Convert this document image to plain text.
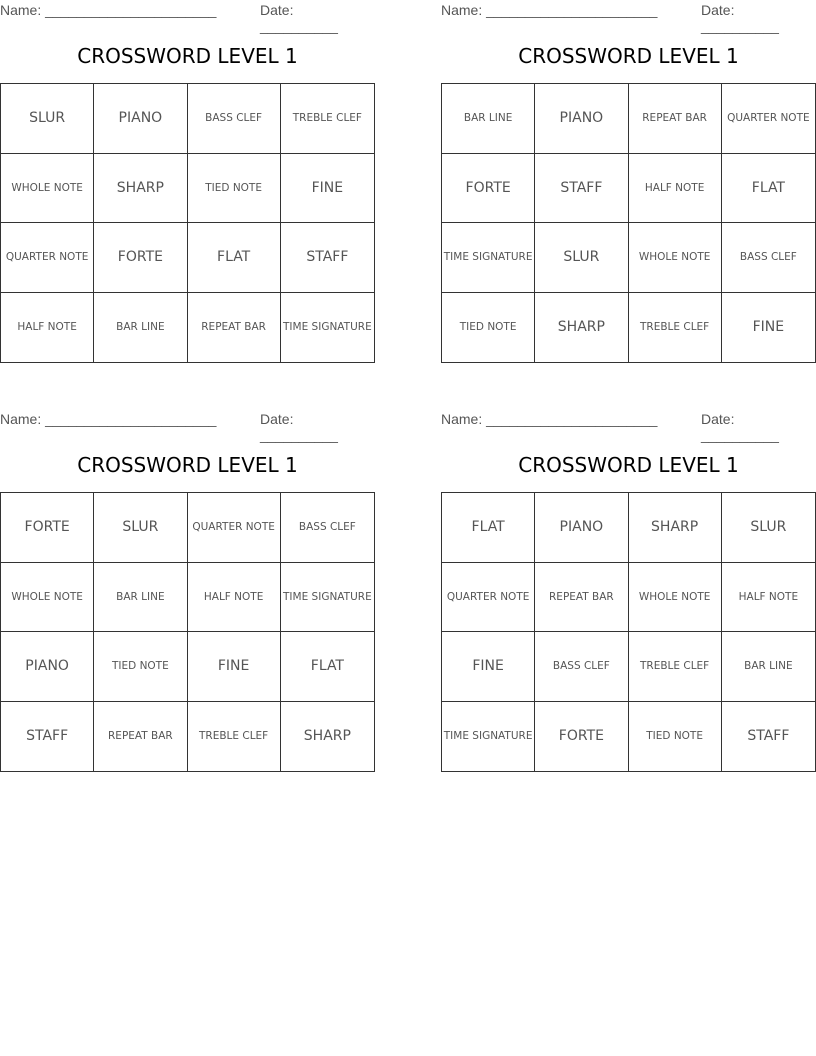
Name: ______________________	Date: __________
CROSSWORD LEVEL 1
SLUR	PIANO	BASS CLEF	TREBLE CLEF
WHOLE NOTE	SHARP	TIED NOTE	FINE
QUARTER NOTE	FORTE	FLAT	STAFF
HALF NOTE	BAR LINE	REPEAT BAR	TIME SIGNATURE
Name: ______________________	Date: __________
CROSSWORD LEVEL 1
BAR LINE	PIANO	REPEAT BAR	QUARTER NOTE
FORTE	STAFF	HALF NOTE	FLAT
TIME SIGNATURE	SLUR	WHOLE NOTE	BASS CLEF
TIED NOTE	SHARP	TREBLE CLEF	FINE
Name: ______________________	Date: __________
CROSSWORD LEVEL 1
FORTE	SLUR	QUARTER NOTE	BASS CLEF
WHOLE NOTE	BAR LINE	HALF NOTE	TIME SIGNATURE
PIANO	TIED NOTE	FINE	FLAT
STAFF	REPEAT BAR	TREBLE CLEF	SHARP
Name: ______________________	Date: __________
CROSSWORD LEVEL 1
FLAT	PIANO	SHARP	SLUR
QUARTER NOTE	REPEAT BAR	WHOLE NOTE	HALF NOTE
FINE	BASS CLEF	TREBLE CLEF	BAR LINE
TIME SIGNATURE	FORTE	TIED NOTE	STAFF
